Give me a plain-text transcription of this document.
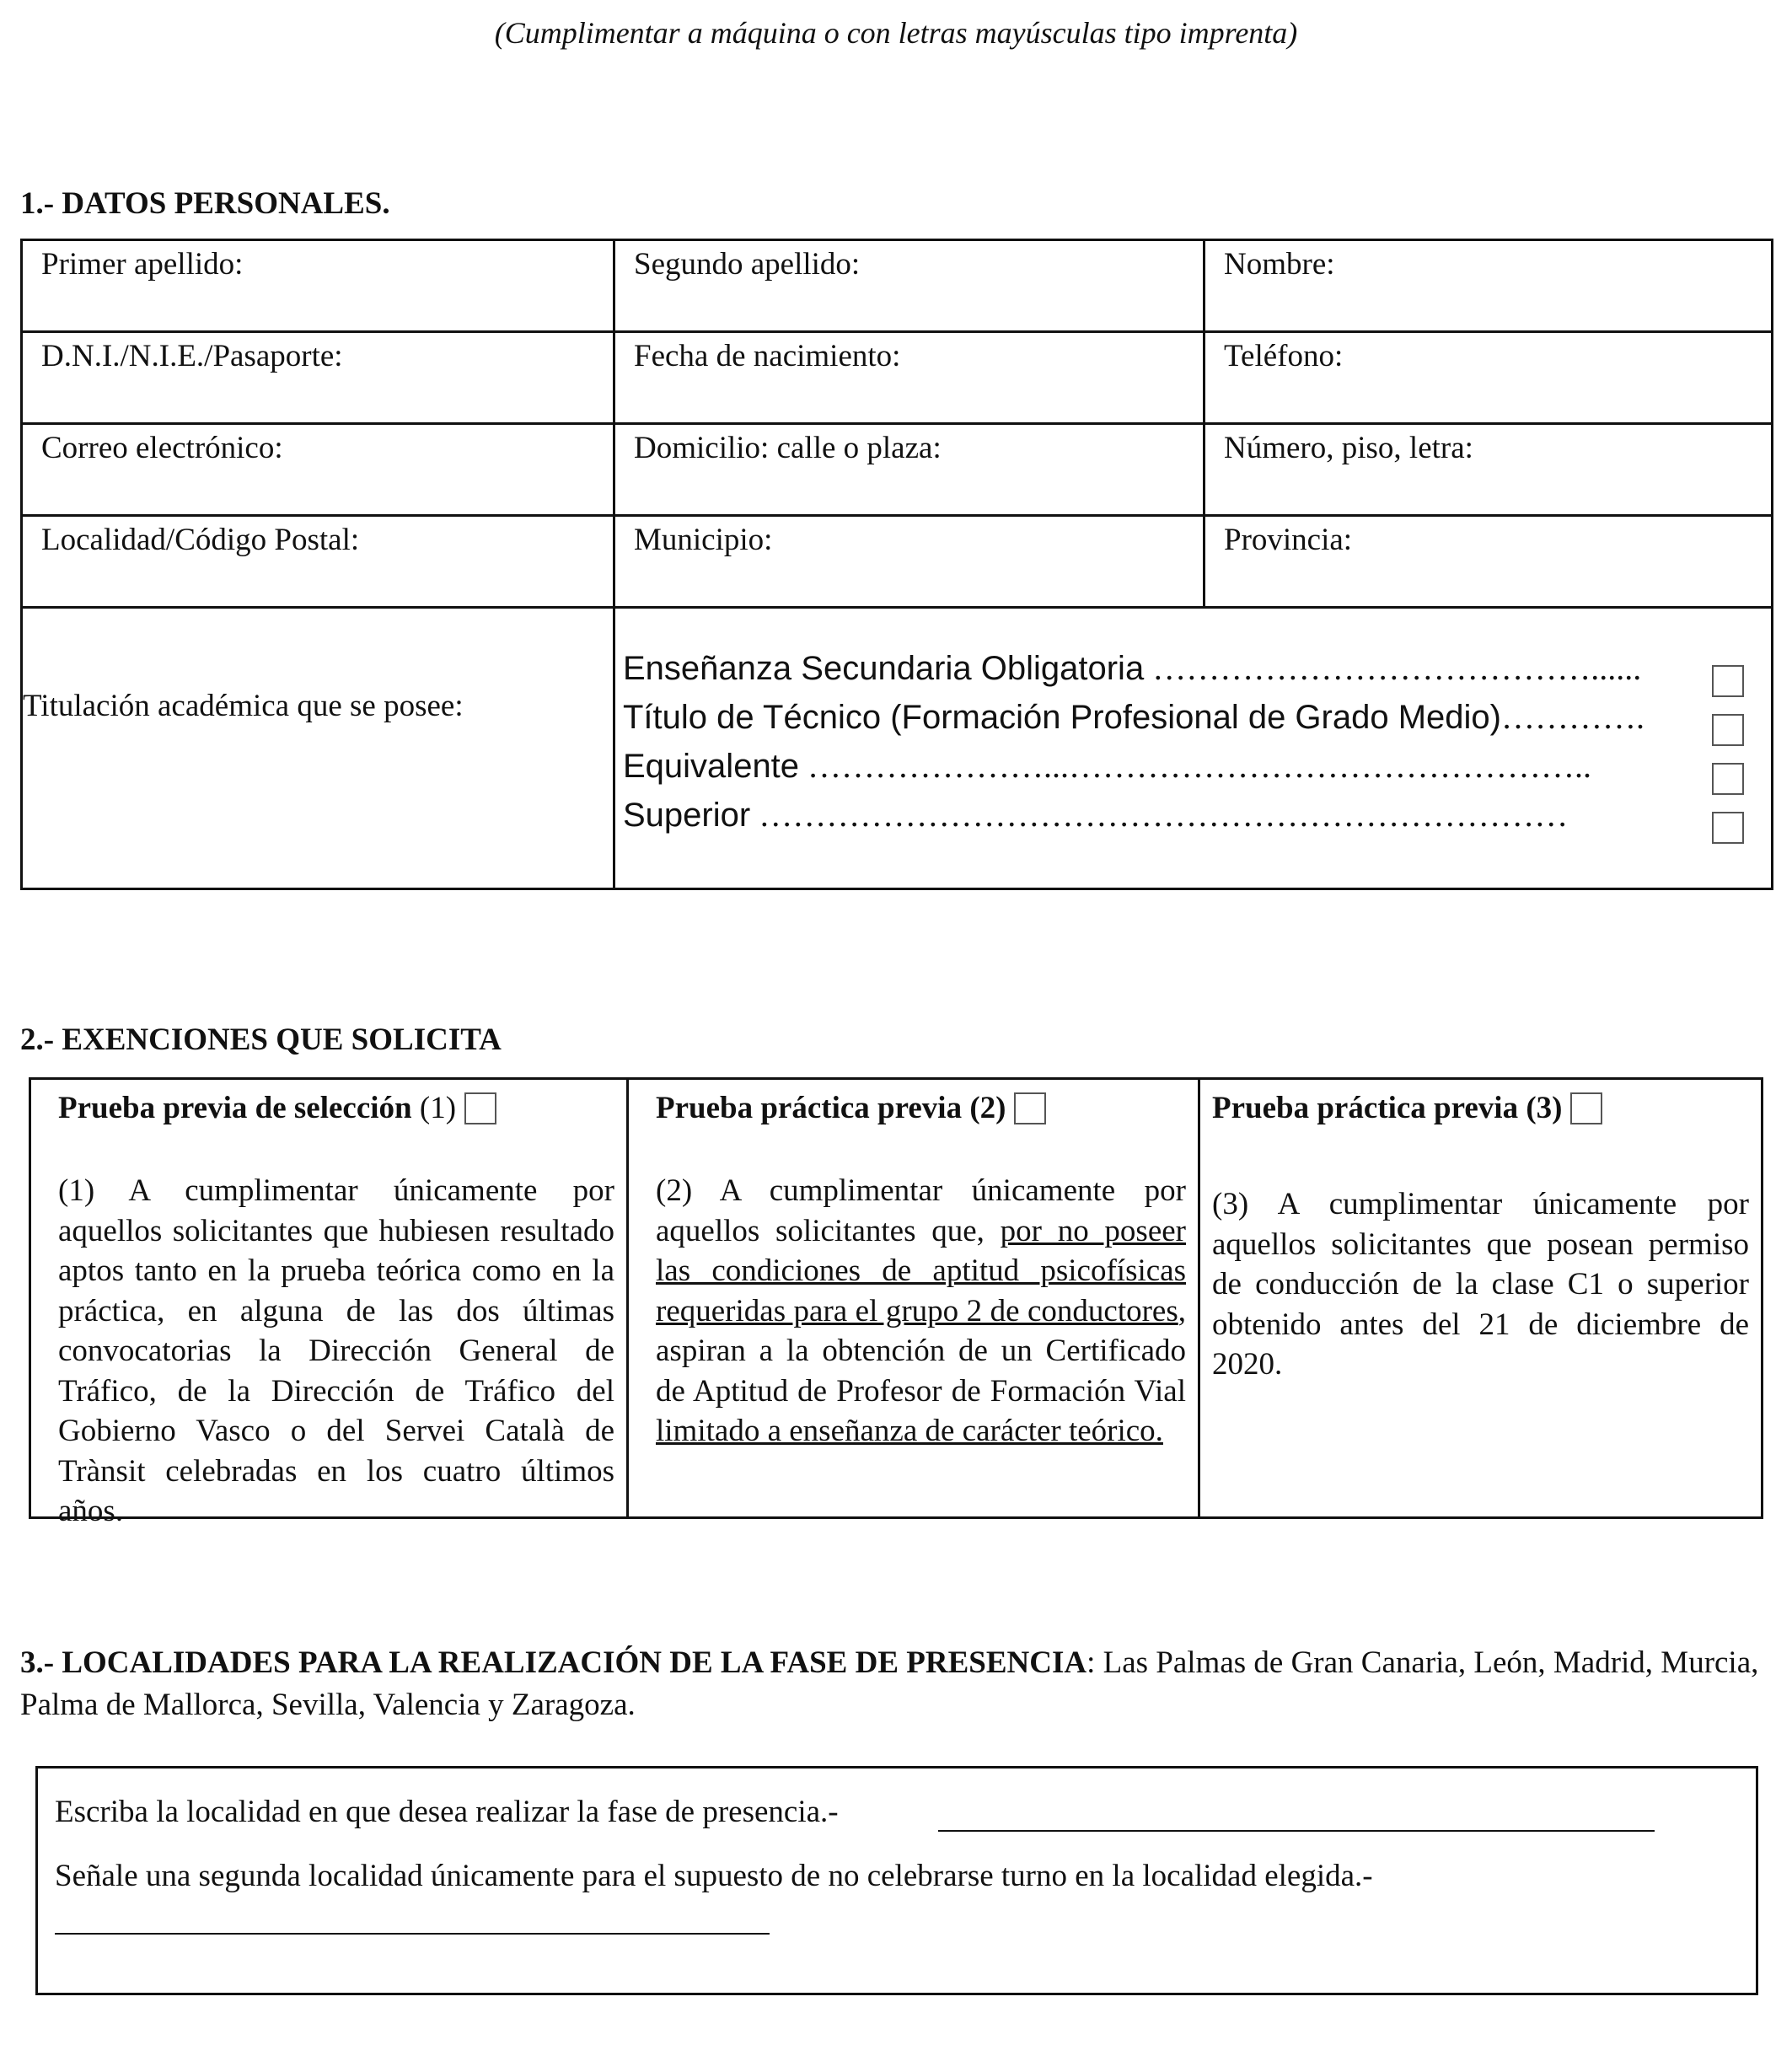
(Cumplimentar a máquina o con letras mayúsculas tipo imprenta)
1.- DATOS PERSONALES.
Primer apellido:	Segundo apellido:	Nombre:
D.N.I./N.I.E./Pasaporte:	Fecha de nacimiento:	Teléfono:
Correo electrónico:	Domicilio: calle o plaza:	Número, piso, letra:
Localidad/Código Postal:	Municipio:	Provincia:
Titulación académica que se posee:
Enseñanza Secundaria Obligatoria …………………………………......
Título de Técnico (Formación Profesional de Grado Medio)………….
Equivalente …………………...………………………………………..
Superior ………………………………………………………………
2.- EXENCIONES QUE SOLICITA
Prueba previa de selección (1)
(1) A cumplimentar únicamente por aquellos solicitantes que hubiesen resultado aptos tanto en la prueba teórica como en la práctica, en alguna de las dos últimas convocatorias la Dirección General de Tráfico, de la Dirección de Tráfico del Gobierno Vasco o del Servei Català de Trànsit celebradas en los cuatro últimos años.
Prueba práctica previa (2)
(2) A cumplimentar únicamente por aquellos solicitantes que, por no poseer las condiciones de aptitud psicofísicas requeridas para el grupo 2 de conductores, aspiran a la obtención de un Certificado de Aptitud de Profesor de Formación Vial limitado a enseñanza de carácter teórico.
Prueba práctica previa (3)
(3) A cumplimentar únicamente por aquellos solicitantes que posean permiso de conducción de la clase C1 o superior obtenido antes del 21 de diciembre de 2020.
3.- LOCALIDADES PARA LA REALIZACIÓN DE LA FASE DE PRESENCIA: Las Palmas de Gran Canaria, León, Madrid, Murcia, Palma de Mallorca, Sevilla, Valencia y Zaragoza.
Escriba la localidad en que desea realizar la fase de presencia.-
Señale una segunda localidad únicamente para el supuesto de no celebrarse turno en la localidad elegida.-
